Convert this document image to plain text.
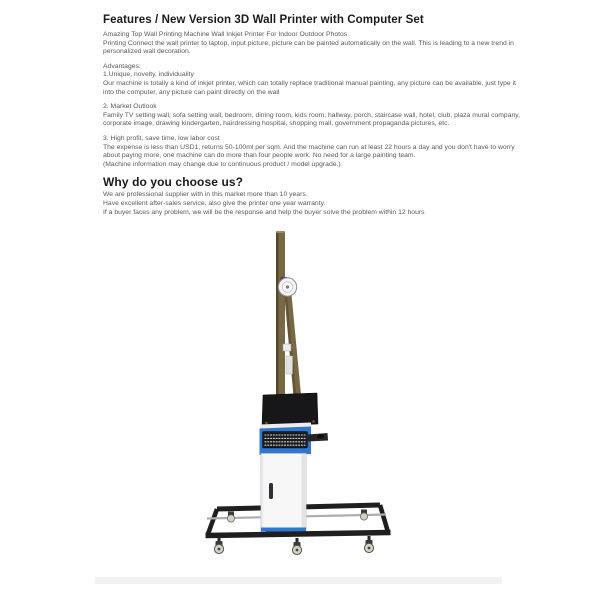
Features / New Version 3D Wall Printer with Computer Set
Amazing Top Wall Printing Machine Wall Inkjet Printer For Indoor Outdoor Photos
Printing Connect the wall printer to laptop, input picture, picture can be painted automatically on the wall. This is leading to a new trend in
personalized wall decoration.
Advantages:
1.Unique, novelty, individuality
Our machine is totally a kind of inkjet printer, which can totally replace traditional manual painting, any picture can be available, just type it
into the computer, any picture can paint directly on the wall
2. Market Outlook
Family TV setting wall, sofa setting wall, bedroom, dining room, kids room, hallway, porch, staircase wall, hotel, club, plaza mural company,
corporate image, drawing kindergarten, hairdressing hospital, shopping mall, government propaganda pictures, etc.
3. High profit, save time, low labor cost
The expense is less than USD1, returns 50-100ml per sqm. And the machine can run at least 22 hours a day and you don't have to worry
about paying more, one machine can do more than four people work. No need for a large painting team.
(Machine information may change due to continuous product / model upgrade.)
Why do you choose us?
We are professional supplier with in this market more than 10 years.
Have excellent after-sales service, also give the printer one year warranty.
If a buyer faces any problem, we will be the response and help the buyer solve the problem within 12 hours
